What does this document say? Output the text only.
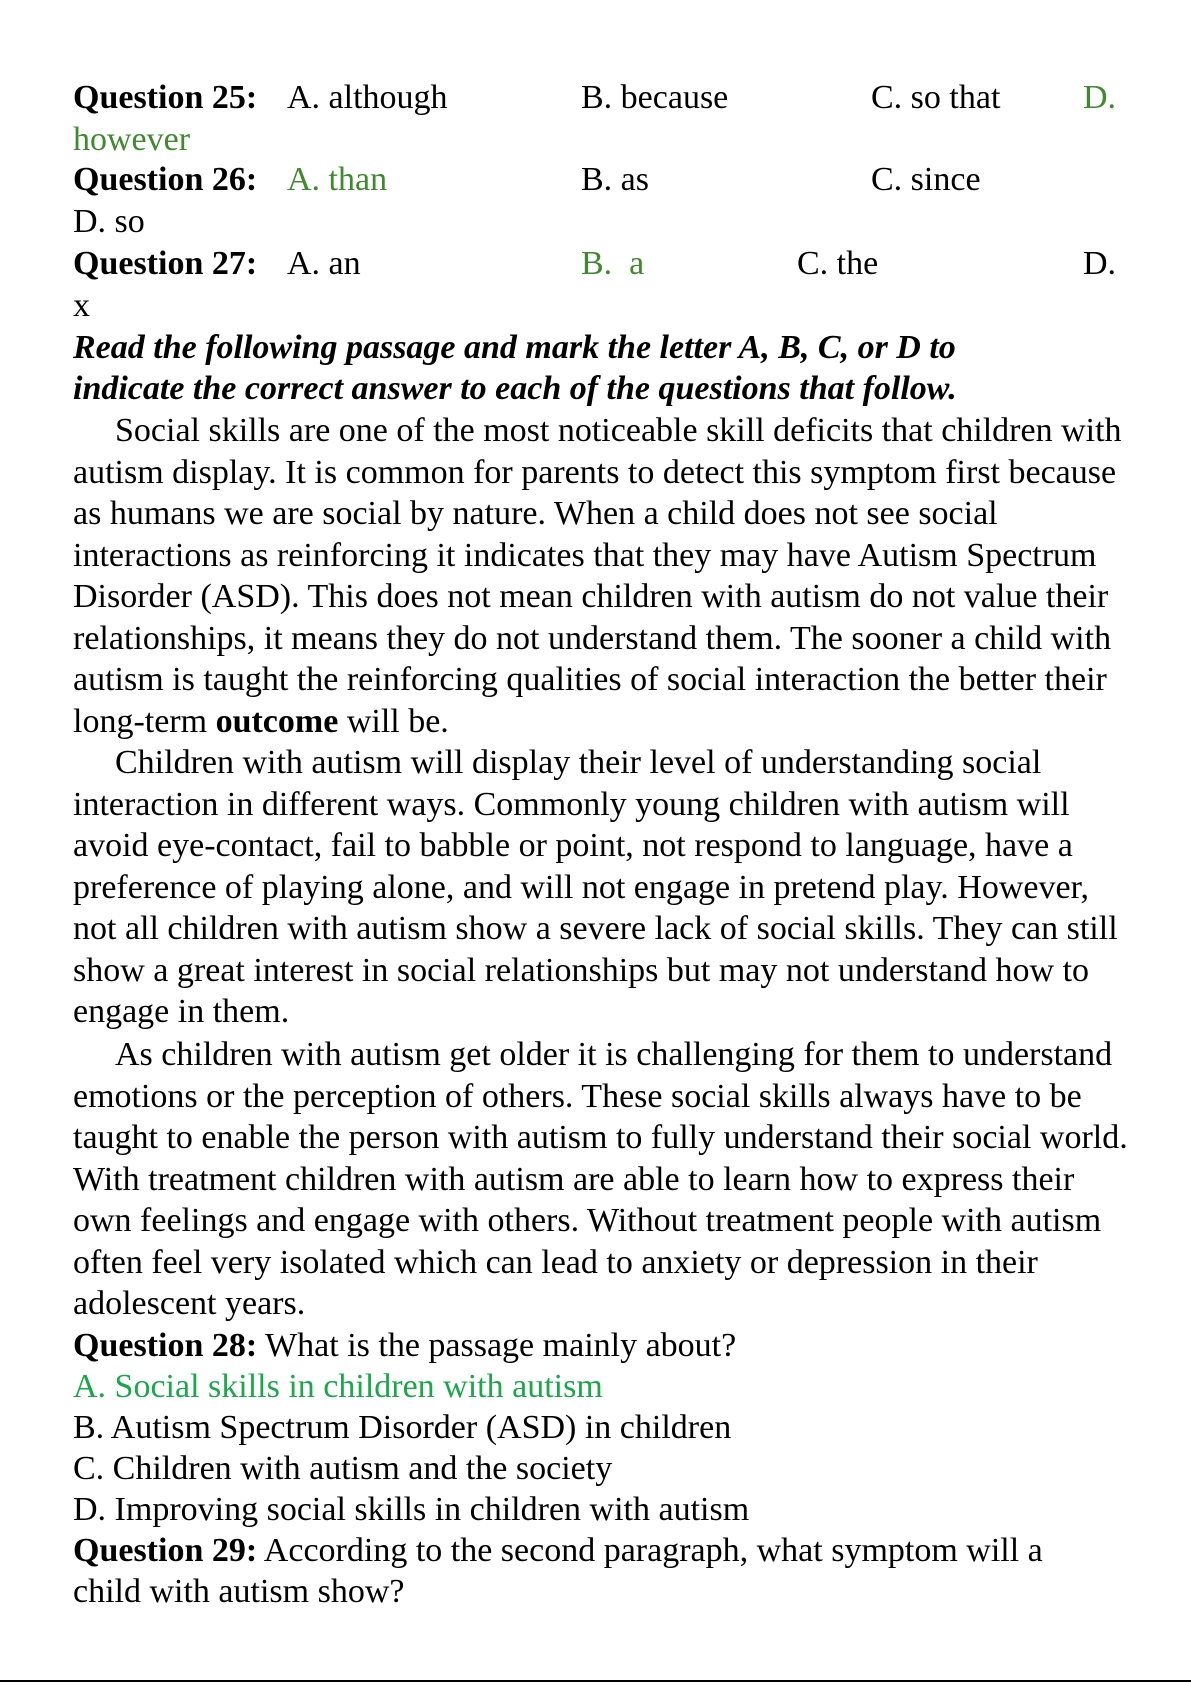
Question 25: A. although	B. because	C. so that D.
however
Question 26: A. than	B. as	C. since
D. so
Question 27: A. an	B.  a	C. the	D.
x
Read the following passage and mark the letter A, B, C, or D to
indicate the correct answer to each of the questions that follow.

Social skills are one of the most noticeable skill deficits that children with autism display. It is common for parents to detect this symptom first because as humans we are social by nature. When a child does not see social interactions as reinforcing it indicates that they may have Autism Spectrum Disorder (ASD). This does not mean children with autism do not value their relationships, it means they do not understand them. The sooner a child with autism is taught the reinforcing qualities of social interaction the better their long-term outcome will be.

Children with autism will display their level of understanding social interaction in different ways. Commonly young children with autism will avoid eye-contact, fail to babble or point, not respond to language, have a preference of playing alone, and will not engage in pretend play. However, not all children with autism show a severe lack of social skills. They can still show a great interest in social relationships but may not understand how to engage in them.

As children with autism get older it is challenging for them to understand emotions or the perception of others. These social skills always have to be taught to enable the person with autism to fully understand their social world. With treatment children with autism are able to learn how to express their own feelings and engage with others. Without treatment people with autism often feel very isolated which can lead to anxiety or depression in their adolescent years.

Question 28: What is the passage mainly about?
A. Social skills in children with autism
B. Autism Spectrum Disorder (ASD) in children
C. Children with autism and the society
D. Improving social skills in children with autism
Question 29: According to the second paragraph, what symptom will a
child with autism show?
